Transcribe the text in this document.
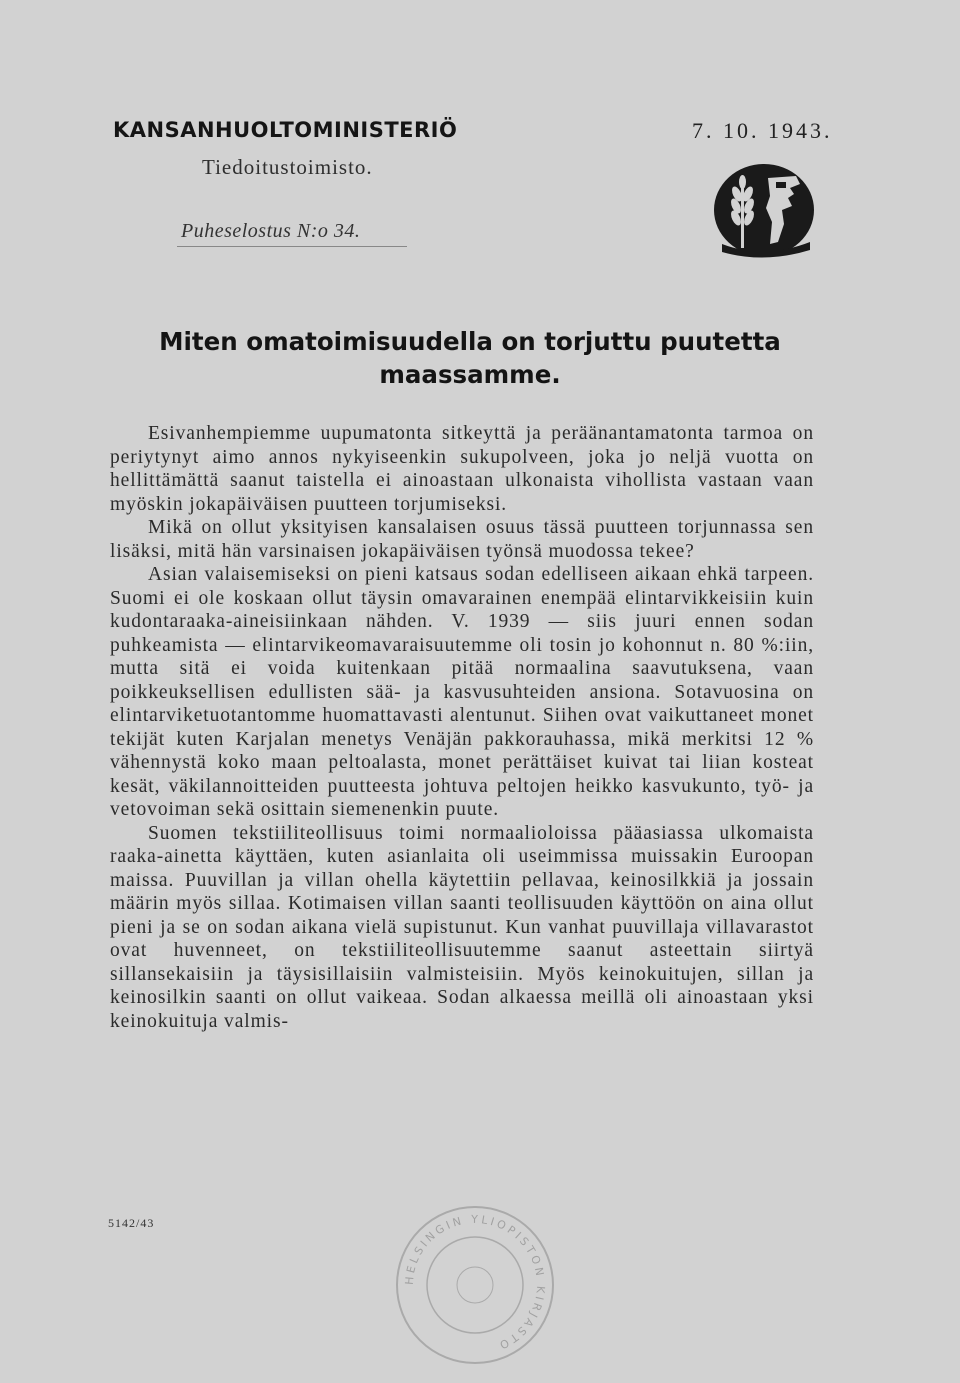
KANSANHUOLTOMINISTERIÖ	7. 10. 1943.
Tiedoitustoimisto.
Puheselostus N:o 34.
Miten omatoimisuudella on torjuttu puutetta
maassamme.

Esivanhempiemme uupumatonta sitkeyttä ja peräänantamatonta tarmoa on periytynyt aimo annos nykyiseenkin sukupolveen, joka jo neljä vuotta on hellittämättä saanut taistella ei ainoastaan ulkonaista vihollista vastaan vaan myöskin jokapäiväisen puutteen torjumiseksi.

Mikä on ollut yksityisen kansalaisen osuus tässä puutteen torjunnassa sen lisäksi, mitä hän varsinaisen jokapäiväisen työnsä muodossa tekee?

Asian valaisemiseksi on pieni katsaus sodan edelliseen aikaan ehkä tarpeen. Suomi ei ole koskaan ollut täysin omavarainen enempää elintarvikkeisiin kuin kudontaraaka-aineisiinkaan nähden. V. 1939 — siis juuri ennen sodan puhkeamista — elintarvikeomavaraisuutemme oli tosin jo kohonnut n. 80 %:iin, mutta sitä ei voida kuitenkaan pitää normaalina saavutuksena, vaan poikkeuksellisen edullisten sää- ja kasvusuhteiden ansiona. Sotavuosina on elintarviketuotantomme huomattavasti alentunut. Siihen ovat vaikuttaneet monet tekijät kuten Karjalan menetys Venäjän pakkorauhassa, mikä merkitsi 12 % vähennystä koko maan peltoalasta, monet perättäiset kuivat tai liian kosteat kesät, väkilannoitteiden puutteesta johtuva peltojen heikko kasvukunto, työ- ja vetovoiman sekä osittain siemenenkin puute.

Suomen tekstiiliteollisuus toimi normaalioloissa pääasiassa ulkomaista raaka-ainetta käyttäen, kuten asianlaita oli useimmissa muissakin Euroopan maissa. Puuvillan ja villan ohella käytettiin pellavaa, keinosilkkiä ja jossain määrin myös sillaa. Kotimaisen villan saanti teollisuuden käyttöön on aina ollut pieni ja se on sodan aikana vielä supistunut. Kun vanhat puuvillaja villavarastot ovat huvenneet, on tekstiiliteollisuutemme saanut asteettain siirtyä sillansekaisiin ja täysisillaisiin valmisteisiin. Myös keinokuitujen, sillan ja keinosilkin saanti on ollut vaikeaa. Sodan alkaessa meillä oli ainoastaan yksi keinokuituja valmis-

5142/43
HELSINGIN YLIOPISTON KIRJASTO
